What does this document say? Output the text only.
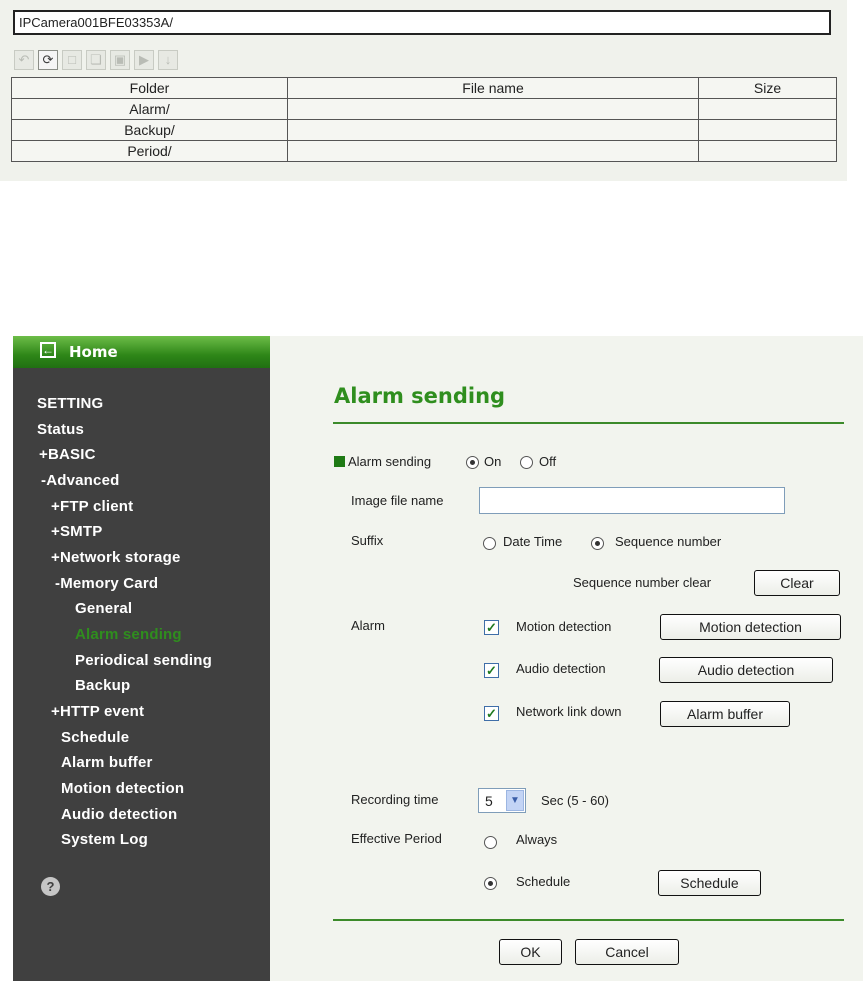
IPCamera001BFE03353A/
↶	⟳	□	❏ ▣ ▶	↓
Folder	File name	Size
Alarm/		
Backup/		
Period/		
← Home
SETTING
Status
+BASIC
-Advanced
+FTP client
+SMTP
+Network storage
-Memory Card
General
Alarm sending
Periodical sending
Backup
+HTTP event
Schedule
Alarm buffer
Motion detection
Audio detection
System Log
?
Alarm sending
Alarm sending	On	Off
Image file name
Suffix	Date Time	Sequence number
Sequence number clear	Clear
Alarm	✓ Motion detection	Motion detection
✓ Audio detection	Audio detection
✓ Network link down	Alarm buffer
Recording time	5	▼	Sec (5 - 60)
Effective Period	Always
Schedule	Schedule
OK	Cancel
